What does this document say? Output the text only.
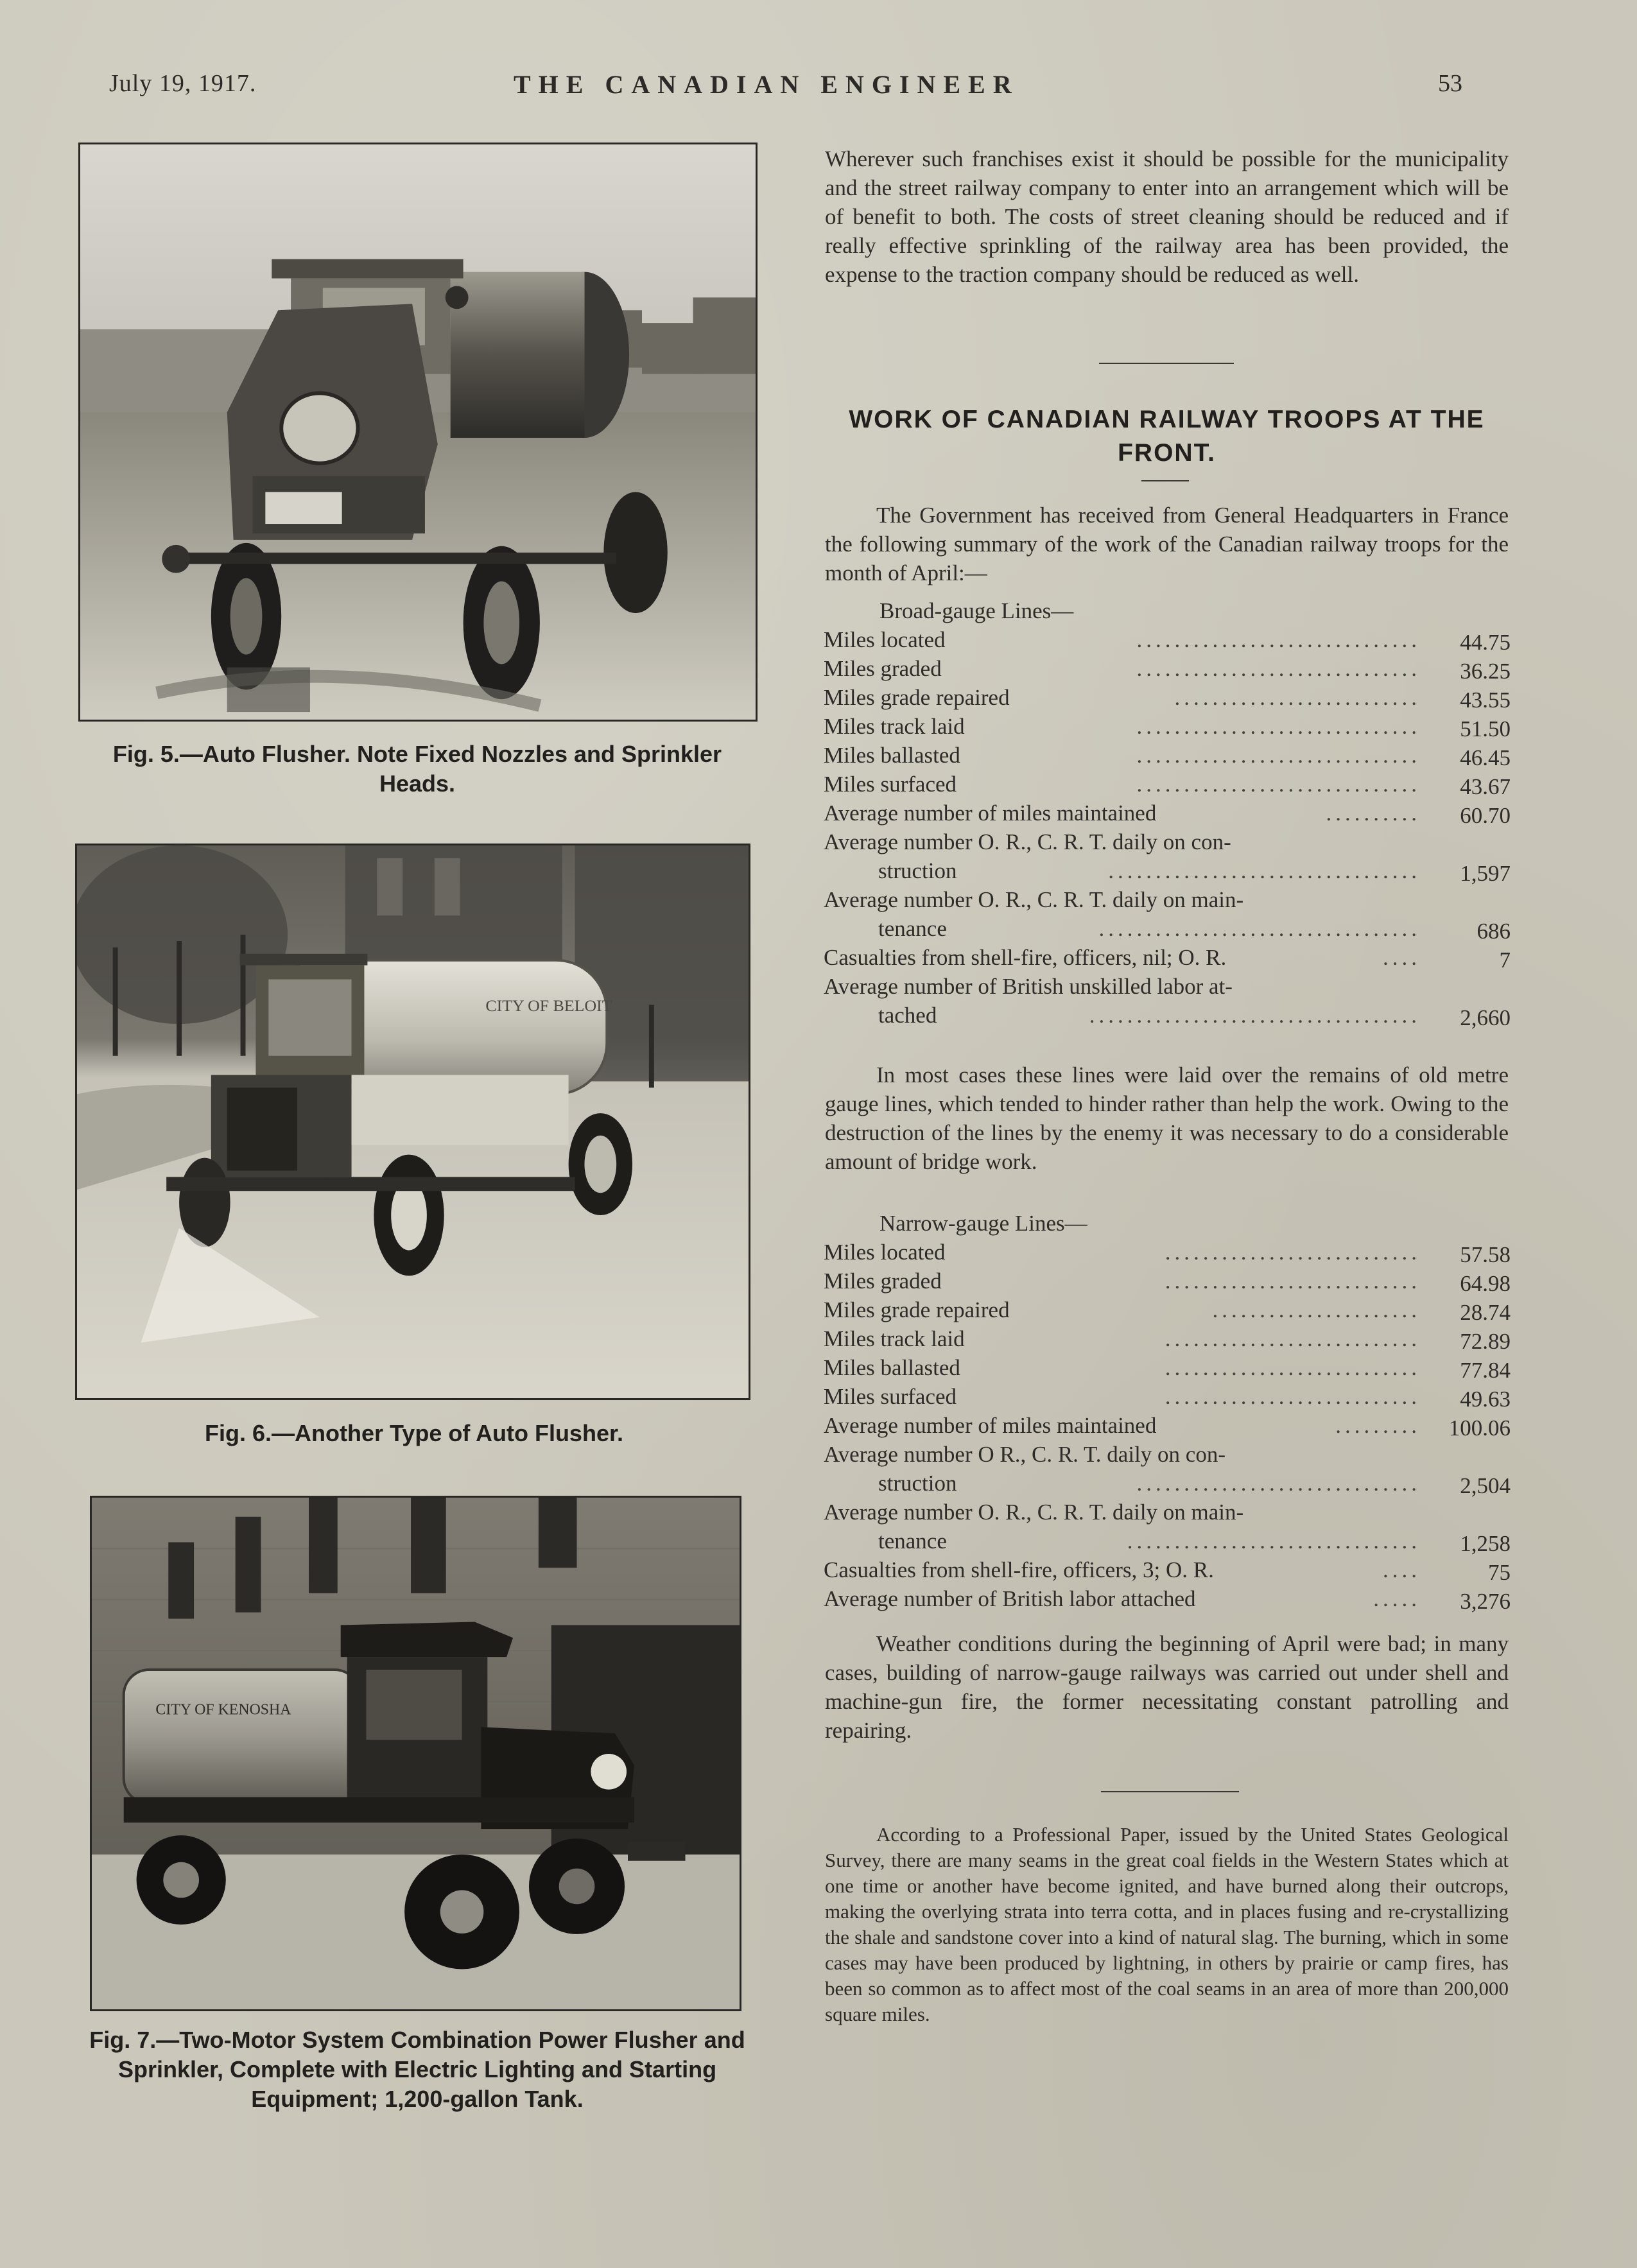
July 19, 1917.	THE CANADIAN ENGINEER	53
Fig. 5.—Auto Flusher. Note Fixed Nozzles and Sprinkler Heads.
CITY OF BELOIT
Fig. 6.—Another Type of Auto Flusher.
CITY OF KENOSHA
Fig. 7.—Two-Motor System Combination Power Flusher and Sprinkler, Complete with Electric Lighting and Starting Equipment; 1,200-gallon Tank.
Wherever such franchises exist it should be possible for the municipality and the street railway company to enter into an arrangement which will be of benefit to both. The costs of street cleaning should be reduced and if really effective sprinkling of the railway area has been provided, the expense to the traction company should be reduced as well.
WORK OF CANADIAN RAILWAY TROOPS AT THE FRONT.
The Government has received from General Headquarters in France the following summary of the work of the Canadian railway troops for the month of April:—
Broad-gauge Lines—
Miles located	.............................. 44.75
Miles graded	.............................. 36.25
Miles grade repaired	.......................... 43.55
Miles track laid	.............................. 51.50
Miles ballasted	.............................. 46.45
Miles surfaced	.............................. 43.67
Average number of miles maintained	.......... 60.70
Average number O. R., C. R. T. daily on con-
struction	................................. 1,597
Average number O. R., C. R. T. daily on main-
tenance	..................................	686
Casualties from shell-fire, officers, nil; O. R.	....	7
Average number of British unskilled labor at-
tached	................................... 2,660
In most cases these lines were laid over the remains of old metre gauge lines, which tended to hinder rather than help the work. Owing to the destruction of the lines by the enemy it was necessary to do a considerable amount of bridge work.
Narrow-gauge Lines—
Miles located	........................... 57.58
Miles graded	........................... 64.98
Miles grade repaired	...................... 28.74
Miles track laid	........................... 72.89
Miles ballasted	........................... 77.84
Miles surfaced	........................... 49.63
Average number of miles maintained	......... 100.06
Average number O R., C. R. T. daily on con-
struction	.............................. 2,504
Average number O. R., C. R. T. daily on main-
tenance	............................... 1,258
Casualties from shell-fire, officers, 3; O. R.	....	75
Average number of British labor attached	..... 3,276
Weather conditions during the beginning of April were bad; in many cases, building of narrow-gauge railways was carried out under shell and machine-gun fire, the former necessitating constant patrolling and repairing.
According to a Professional Paper, issued by the United States Geological Survey, there are many seams in the great coal fields in the Western States which at one time or another have become ignited, and have burned along their outcrops, making the overlying strata into terra cotta, and in places fusing and re-crystallizing the shale and sandstone cover into a kind of natural slag. The burning, which in some cases may have been produced by lightning, in others by prairie or camp fires, has been so common as to affect most of the coal seams in an area of more than 200,000 square miles.
